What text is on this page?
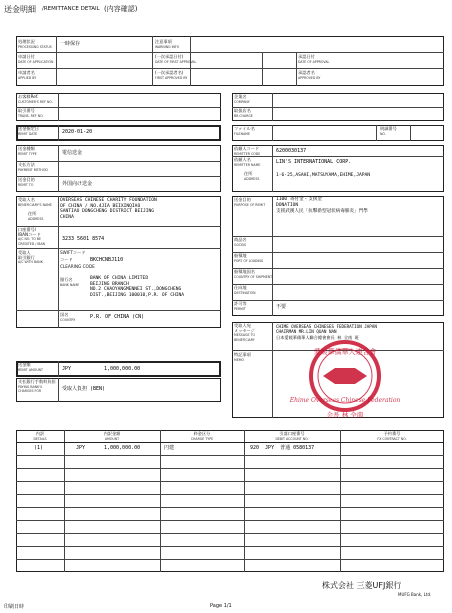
送金明細 /REMITTANCE DETAIL (内容確認)
処理状況
PROCESSING STATUS 一時保存	注意事項
WARNING INFO
申請日付
DATE OF APPLICATION
(一次承認日付)
DATE OF FIRST APPROVAL
承認日付
DATE OF APPROVAL
申請者名
APPLIED BY
(一次承認者名)
FIRST APPROVED BY
承認者名
APPROVED BY
お客様Ref.
CUSTOMER'S REF NO.
取引番号
TRANS. REF NO.
送金指定日
REMIT DATE	2020-01-20
送金種類
REMIT TYPE	電信送金
支払方法
PAYMENT METHOD
送金目的
REMIT TO	外国向け送金
受取人名
BENEFICIARY'S NAME
住所
ADDRESS
OVERSEAS CHINESE CHARITY FOUNDATION
OF CHINA / NO.4JIA BEIXINQIAO
SANTIAO DONGCHENG DISTRICT BEIJING
CHINA
口座番号/
IBANコード
A/C NO. TO BE
CREDITED / IBAN
3233 5601 8574
受取人
取引銀行
A/C WITH BANK
SWIFTコード
コード	BKCHCNBJ110
CLEARING CODE
銀行名
BANK NAME
BANK OF CHINA LIMITED
BEIJING BRANCH
NO.2 CHAOYANGMENNEI ST.,DONGCHENG
DIST.,BEIJING 100010,P.R. OF CHINA
国名
COUNTRY	P.R. OF CHINA (CN)
送金額
REMIT AMOUNT	JPY	1,000,000.00
支払銀行手数料負担
PAYING BANK'S
CHARGES FOR	受取人負担 (BEN)
企業名
COMPANY
取扱店名
BR.CHARGE
ファイル名
FILENAME
明細番号
NO.
依頼人コード
REMITTER CODE	6200030137
依頼人名
REMITTER NAME	LIN'S INTERNATIONAL CORP.
住所
ADDRESS
1-6-25,ASAHI,MATSUYAMA,EHIME,JAPAN
送金目的
PURPOSE OF REMIT
1100 寄付金・支援金
DONATION
支援武漢人民「抗擊新型冠状病毒肺炎」門學
商品名
GOODS
船積地
PORT OF LOADING
船積地国名
COUNTRY OF SHIPMENT
仕向地
DESTINATION
許可等
PERMIT	不要
受取人宛
メッセージ
MESSAGE TO
BENEFICIARY
CHIME OVERSEAS CHINESES FEDERATION JAPAN
CHAIRMAN MR.LIN QUAN NAN
日本愛媛華僑華人聯合總會會長 林 全南 班
特記事項
MEMO
愛媛華僑華人連合會
Ehime Overseas Chinese Federation
会長 林 全南
内訳
DETAILS
内訳金額
AMOUNT
料金区分
CHARGE TYPE
引落口座番号
DEBIT ACCOUNT NO.
予約番号
FX CONTRACT NO.
(1)	JPY	1,000,000.00	円建	920  JPY  普通 0580137
株式会社 三菱UFJ銀行
MUFG Bank, Ltd.
印刷日時	Page 1/1
